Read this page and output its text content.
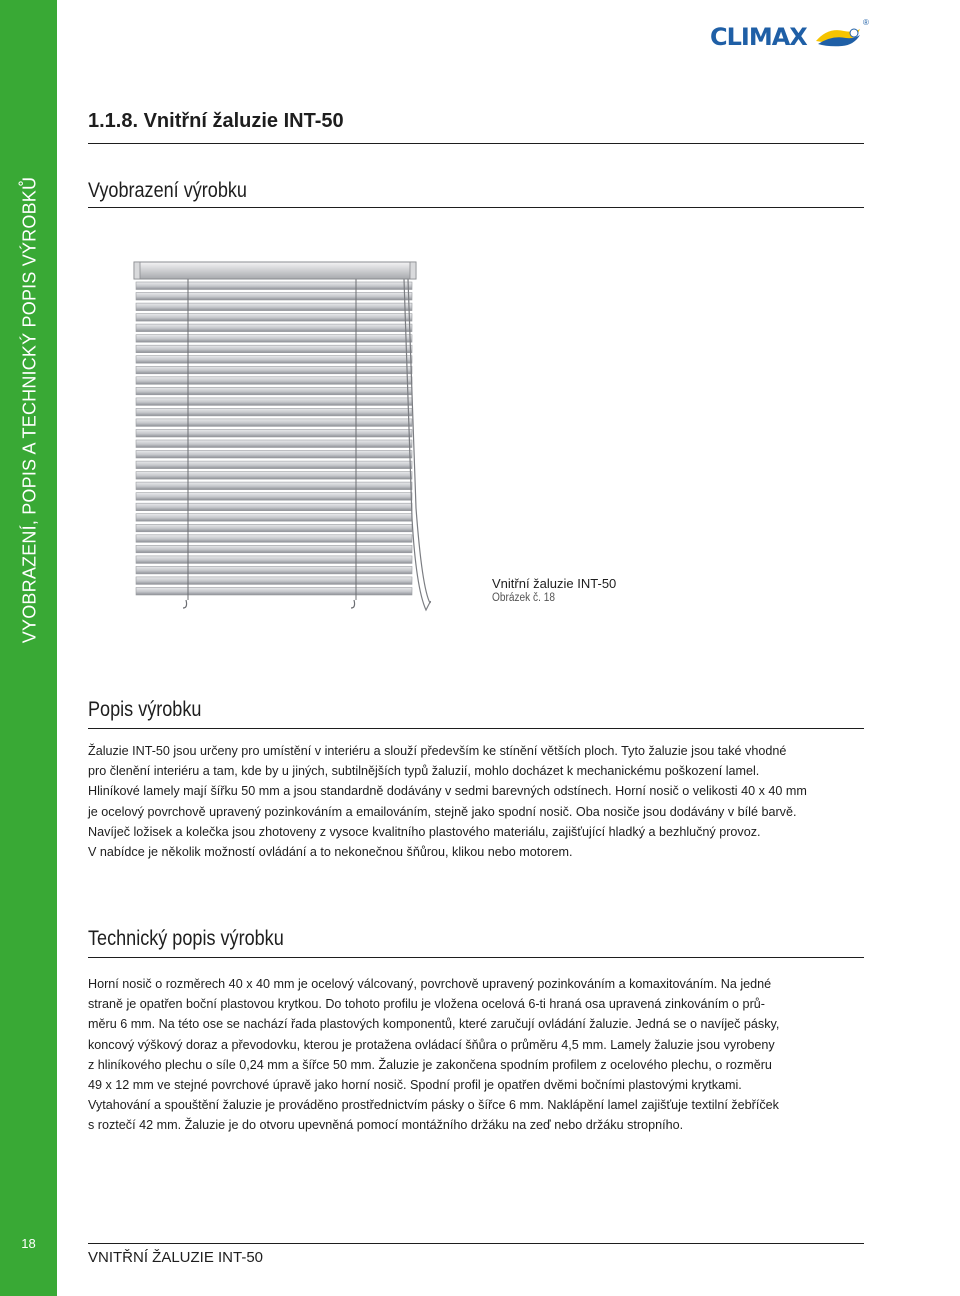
VYOBRAZENÍ, POPIS A TECHNICKÝ POPIS VÝROBKŮ
18
CLIMAX
®
1.1.8. Vnitřní žaluzie INT-50
Vyobrazení výrobku
Vnitřní žaluzie INT-50
Obrázek č. 18
Popis výrobku
Žaluzie INT-50 jsou určeny pro umístění v interiéru a slouží především ke stínění větších ploch. Tyto žaluzie jsou také vhodné
pro členění interiéru a tam, kde by u jiných, subtilnějších typů žaluzií, mohlo docházet k mechanickému poškození lamel.
Hliníkové lamely mají šířku 50 mm a jsou standardně dodávány v sedmi barevných odstínech. Horní nosič o velikosti 40 x 40 mm
je ocelový povrchově upravený pozinkováním a emailováním, stejně jako spodní nosič. Oba nosiče jsou dodávány v bílé barvě.
Navíječ ložisek a kolečka jsou zhotoveny z vysoce kvalitního plastového materiálu, zajišťující hladký a bezhlučný provoz.
V nabídce je několik možností ovládání a to nekonečnou šňůrou, klikou nebo motorem.
Technický popis výrobku
Horní nosič o rozměrech 40 x 40 mm je ocelový válcovaný, povrchově upravený pozinkováním a komaxitováním. Na jedné
straně je opatřen boční plastovou krytkou. Do tohoto profilu je vložena ocelová 6-ti hraná osa upravená zinkováním o prů-
měru 6 mm. Na této ose se nachází řada plastových komponentů, které zaručují ovládání žaluzie. Jedná se o navíječ pásky,
koncový výškový doraz a převodovku, kterou je protažena ovládací šňůra o průměru 4,5 mm. Lamely žaluzie jsou vyrobeny
z hliníkového plechu o síle 0,24 mm a šířce 50 mm. Žaluzie je zakončena spodním profilem z ocelového plechu, o rozměru
49 x 12 mm ve stejné povrchové úpravě jako horní nosič. Spodní profil je opatřen dvěmi bočními plastovými krytkami.
Vytahování a spouštění žaluzie je prováděno prostřednictvím pásky o šířce 6 mm. Naklápění lamel zajišťuje textilní žebříček
s roztečí 42 mm. Žaluzie je do otvoru upevněná pomocí montážního držáku na zeď nebo držáku stropního.
VNITŘNÍ ŽALUZIE INT-50
